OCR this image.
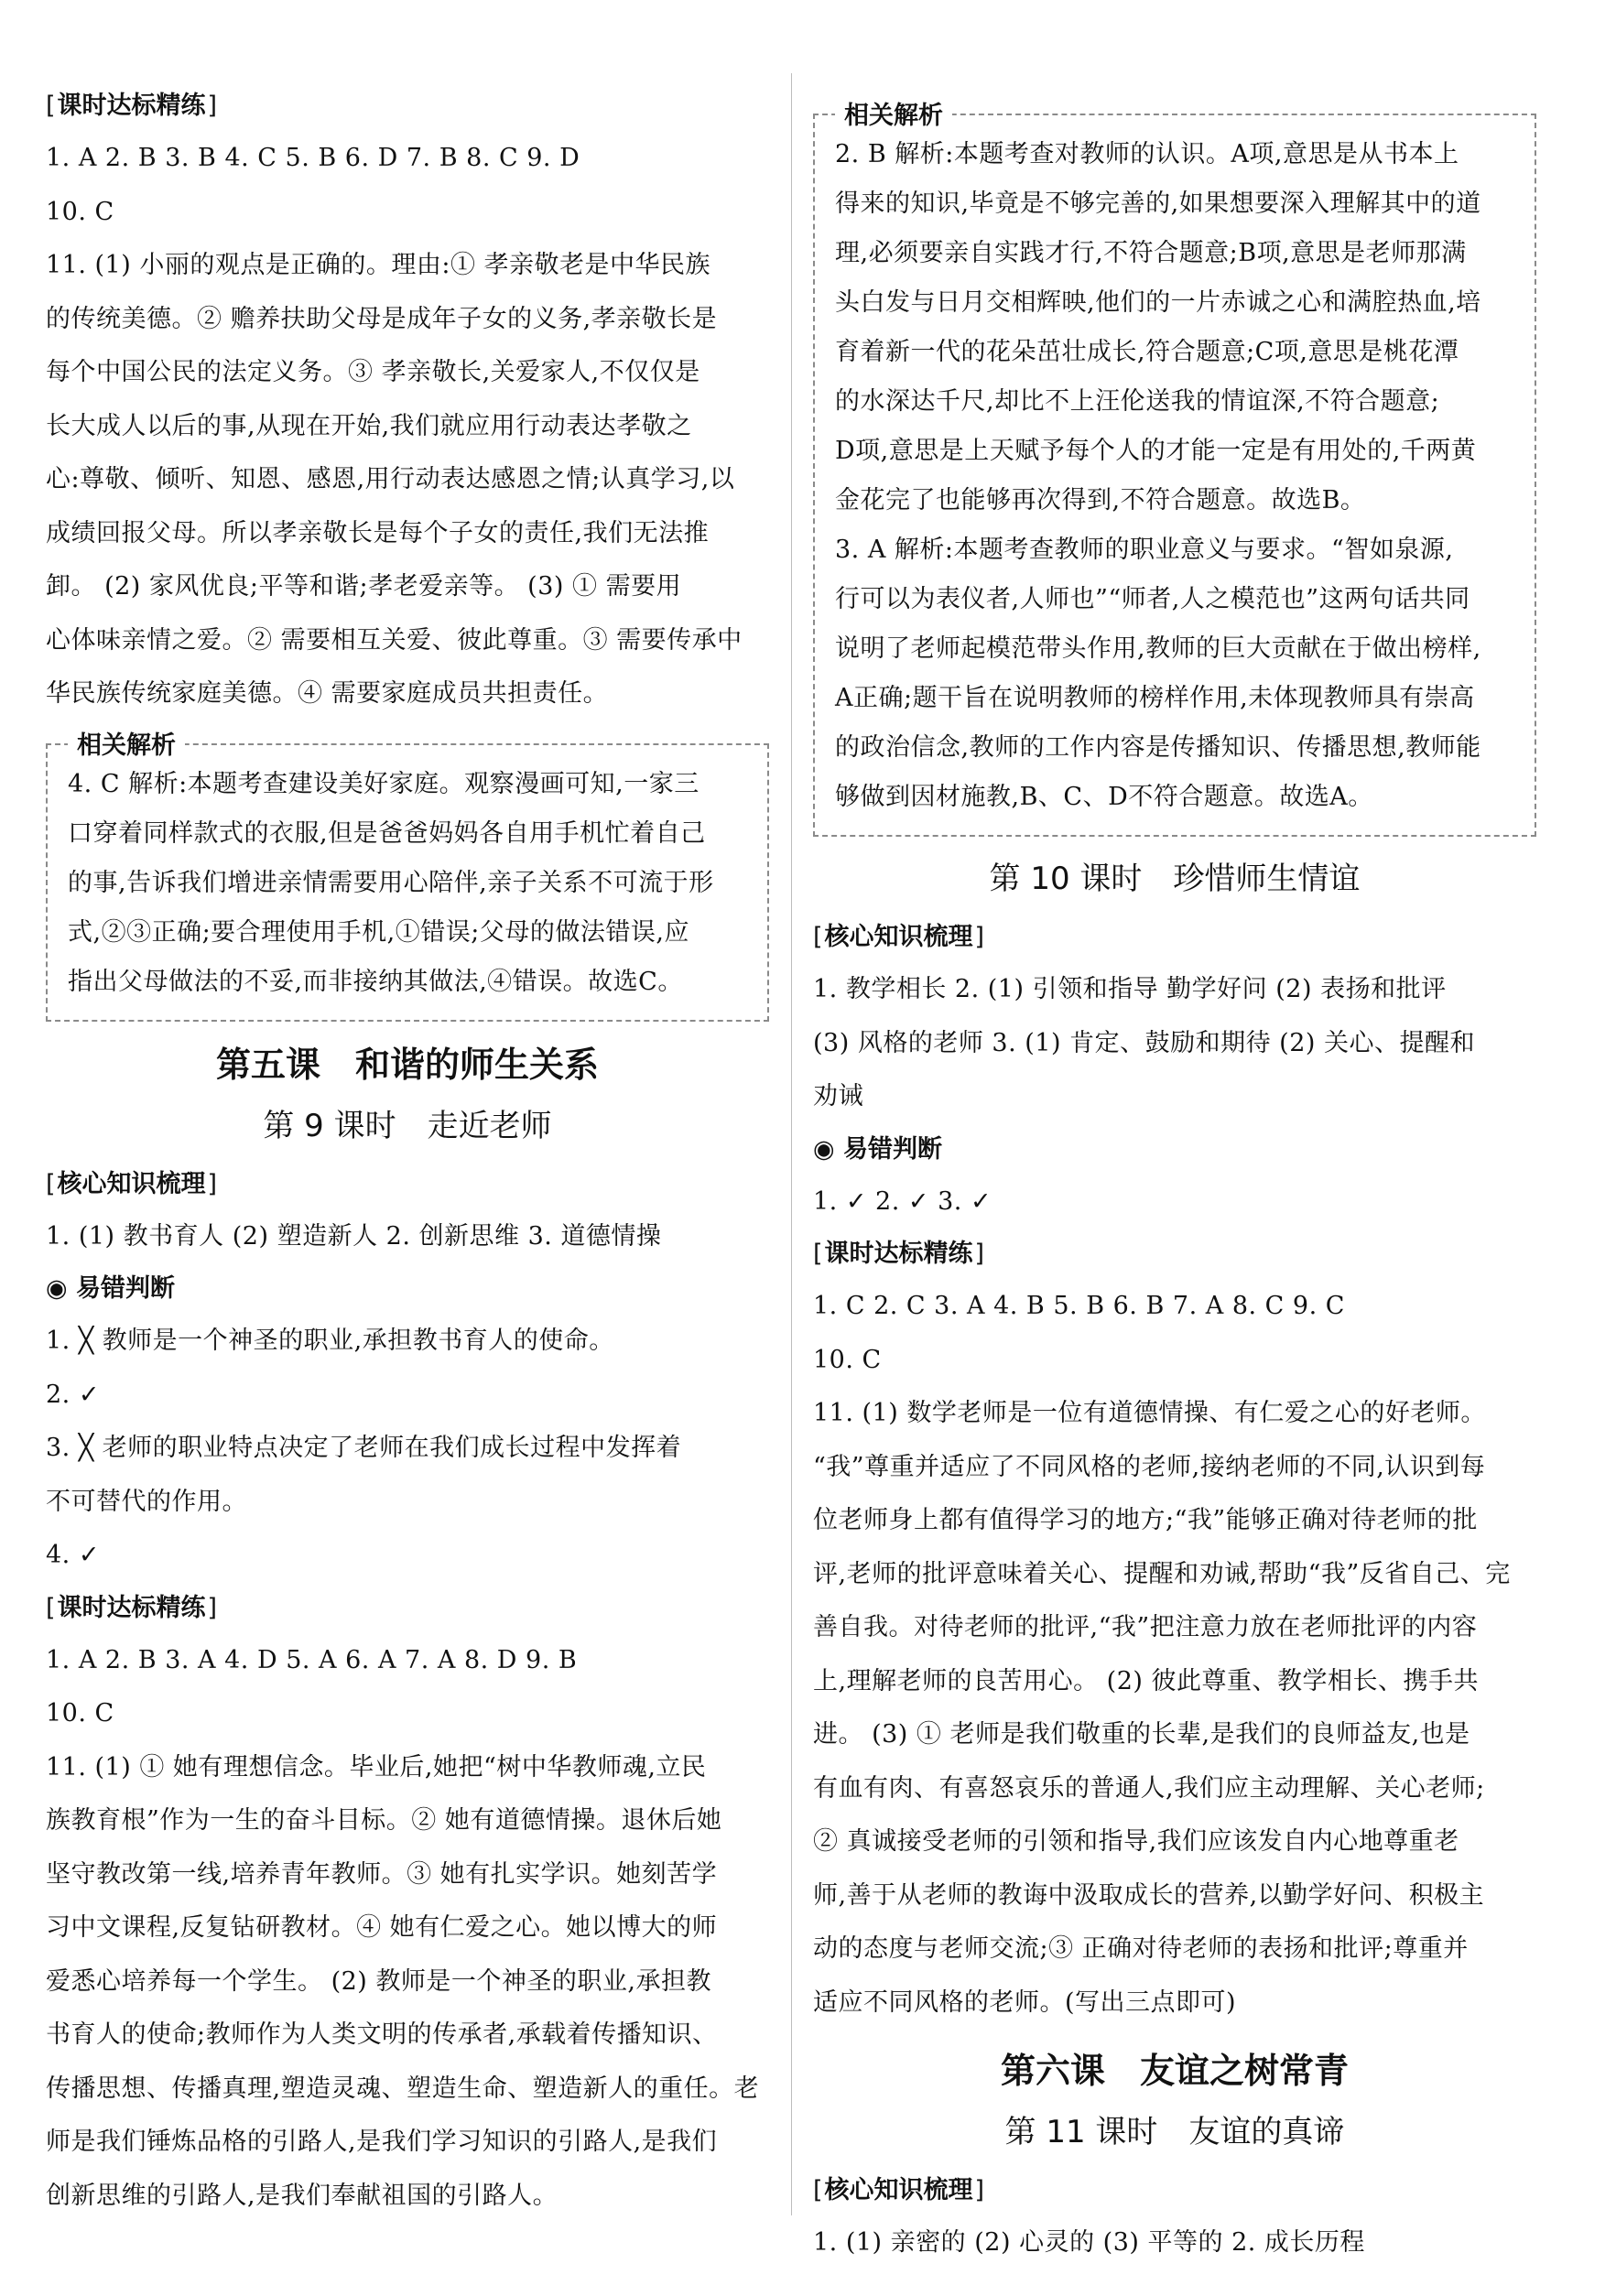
[ 课时达标精练 ]
1. A 2. B 3. B 4. C 5. B 6. D 7. B 8. C 9. D
10. C
11. (1) 小丽的观点是正确的。理由:① 孝亲敬老是中华民族
的传统美德。② 赡养扶助父母是成年子女的义务,孝亲敬长是
每个中国公民的法定义务。③ 孝亲敬长,关爱家人,不仅仅是
长大成人以后的事,从现在开始,我们就应用行动表达孝敬之
心:尊敬、倾听、知恩、感恩,用行动表达感恩之情;认真学习,以
成绩回报父母。所以孝亲敬长是每个子女的责任,我们无法推
卸。 (2) 家风优良;平等和谐;孝老爱亲等。 (3) ① 需要用
心体味亲情之爱。② 需要相互关爱、彼此尊重。③ 需要传承中
华民族传统家庭美德。④ 需要家庭成员共担责任。
相关解析
4. C 解析:本题考查建设美好家庭。观察漫画可知,一家三
口穿着同样款式的衣服,但是爸爸妈妈各自用手机忙着自己
的事,告诉我们增进亲情需要用心陪伴,亲子关系不可流于形
式,②③正确;要合理使用手机,①错误;父母的做法错误,应
指出父母做法的不妥,而非接纳其做法,④错误。故选C。
第五课　和谐的师生关系
第 9 课时　走近老师
[ 核心知识梳理 ]
1. (1) 教书育人 (2) 塑造新人 2. 创新思维 3. 道德情操
◉ 易错判断
1. ╳ 教师是一个神圣的职业,承担教书育人的使命。
2. ✓
3. ╳ 老师的职业特点决定了老师在我们成长过程中发挥着
不可替代的作用。
4. ✓
[ 课时达标精练 ]
1. A 2. B 3. A 4. D 5. A 6. A 7. A 8. D 9. B
10. C
11. (1) ① 她有理想信念。毕业后,她把“树中华教师魂,立民
族教育根”作为一生的奋斗目标。② 她有道德情操。退休后她
坚守教改第一线,培养青年教师。③ 她有扎实学识。她刻苦学
习中文课程,反复钻研教材。④ 她有仁爱之心。她以博大的师
爱悉心培养每一个学生。 (2) 教师是一个神圣的职业,承担教
书育人的使命;教师作为人类文明的传承者,承载着传播知识、
传播思想、传播真理,塑造灵魂、塑造生命、塑造新人的重任。老
师是我们锤炼品格的引路人,是我们学习知识的引路人,是我们
创新思维的引路人,是我们奉献祖国的引路人。
相关解析
2. B 解析:本题考查对教师的认识。A项,意思是从书本上
得来的知识,毕竟是不够完善的,如果想要深入理解其中的道
理,必须要亲自实践才行,不符合题意;B项,意思是老师那满
头白发与日月交相辉映,他们的一片赤诚之心和满腔热血,培
育着新一代的花朵茁壮成长,符合题意;C项,意思是桃花潭
的水深达千尺,却比不上汪伦送我的情谊深,不符合题意;
D项,意思是上天赋予每个人的才能一定是有用处的,千两黄
金花完了也能够再次得到,不符合题意。故选B。
3. A 解析:本题考查教师的职业意义与要求。“智如泉源,
行可以为表仪者,人师也”“师者,人之模范也”这两句话共同
说明了老师起模范带头作用,教师的巨大贡献在于做出榜样,
A正确;题干旨在说明教师的榜样作用,未体现教师具有崇高
的政治信念,教师的工作内容是传播知识、传播思想,教师能
够做到因材施教,B、C、D不符合题意。故选A。
第 10 课时　珍惜师生情谊
[ 核心知识梳理 ]
1. 教学相长 2. (1) 引领和指导 勤学好问 (2) 表扬和批评
(3) 风格的老师 3. (1) 肯定、鼓励和期待 (2) 关心、提醒和
劝诫
◉ 易错判断
1. ✓ 2. ✓ 3. ✓
[ 课时达标精练 ]
1. C 2. C 3. A 4. B 5. B 6. B 7. A 8. C 9. C
10. C
11. (1) 数学老师是一位有道德情操、有仁爱之心的好老师。
“我”尊重并适应了不同风格的老师,接纳老师的不同,认识到每
位老师身上都有值得学习的地方;“我”能够正确对待老师的批
评,老师的批评意味着关心、提醒和劝诫,帮助“我”反省自己、完
善自我。对待老师的批评,“我”把注意力放在老师批评的内容
上,理解老师的良苦用心。 (2) 彼此尊重、教学相长、携手共
进。 (3) ① 老师是我们敬重的长辈,是我们的良师益友,也是
有血有肉、有喜怒哀乐的普通人,我们应主动理解、关心老师;
② 真诚接受老师的引领和指导,我们应该发自内心地尊重老
师,善于从老师的教诲中汲取成长的营养,以勤学好问、积极主
动的态度与老师交流;③ 正确对待老师的表扬和批评;尊重并
适应不同风格的老师。(写出三点即可)
第六课　友谊之树常青
第 11 课时　友谊的真谛
[ 核心知识梳理 ]
1. (1) 亲密的 (2) 心灵的 (3) 平等的 2. 成长历程
